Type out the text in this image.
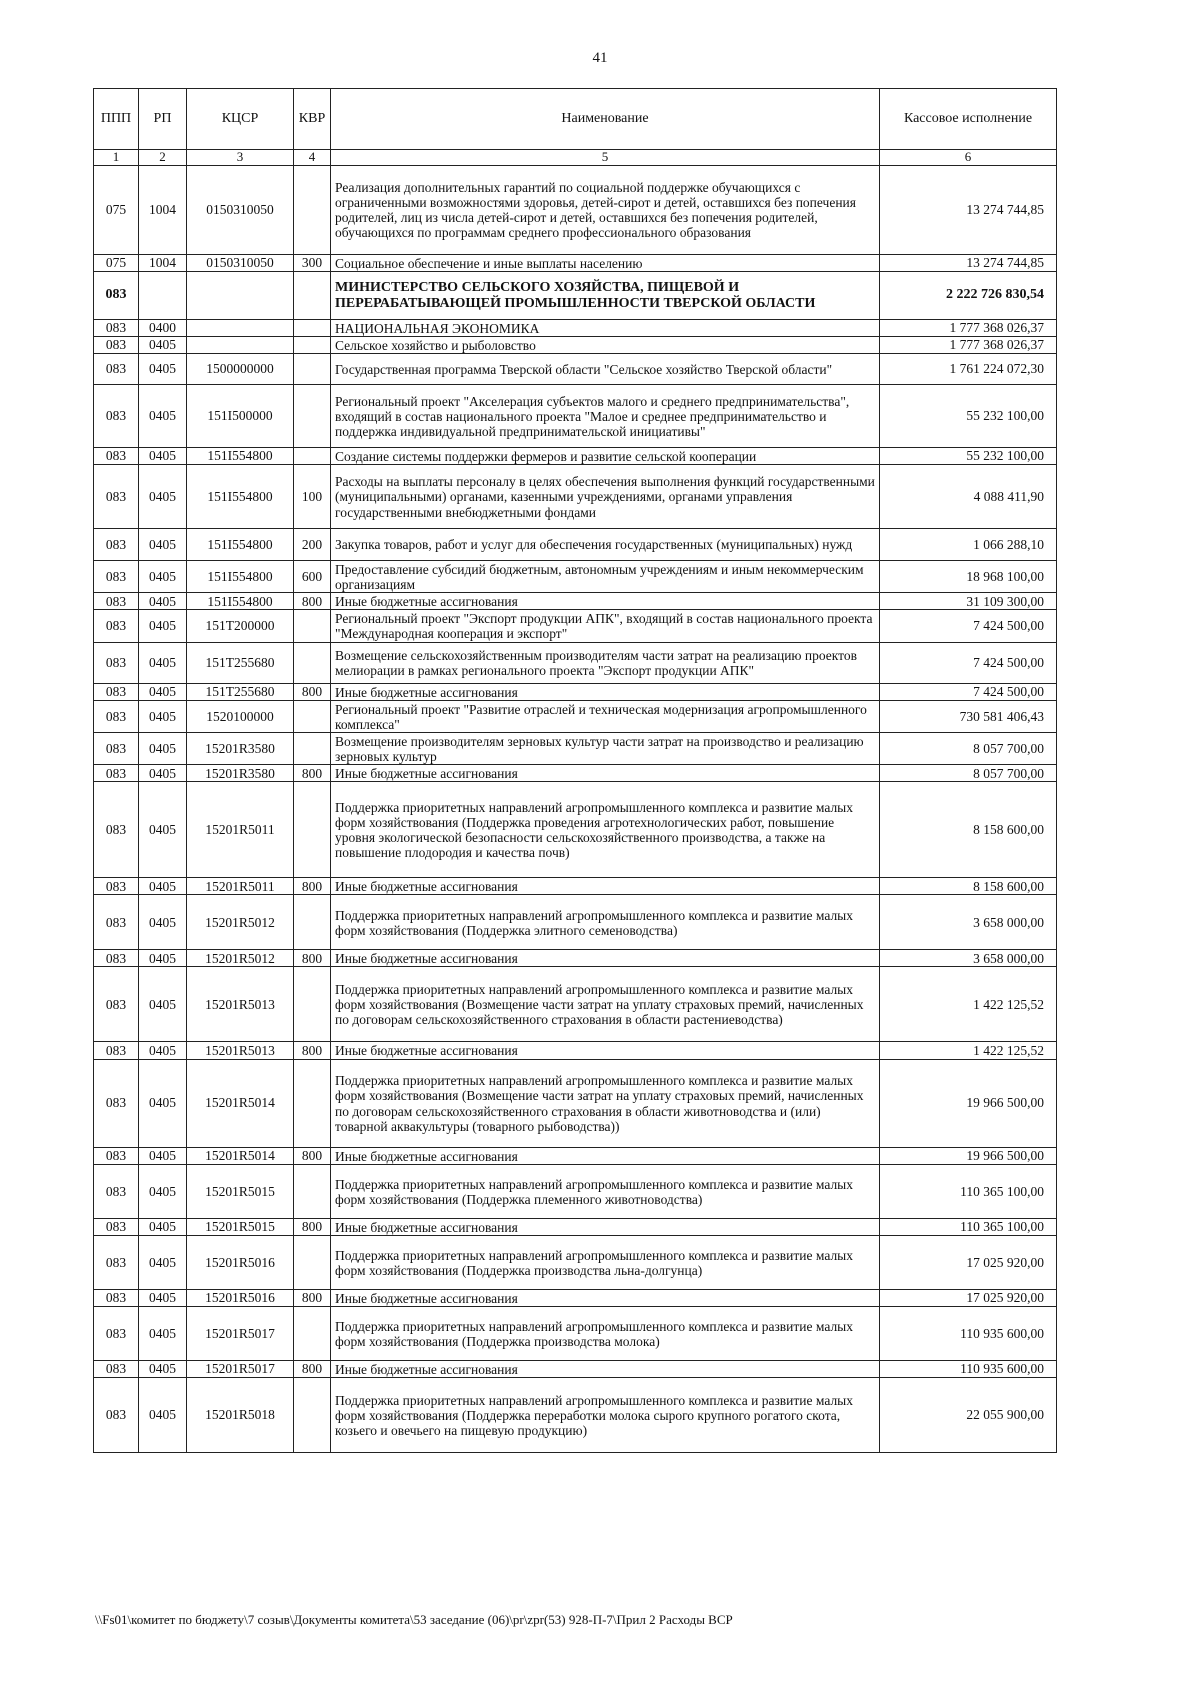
41
ППП	РП	КЦСР	КВР	Наименование	Кассовое исполнение
1	2	3	4	5	6
075	1004	0150310050		Реализация дополнительных гарантий по социальной поддержке обучающихся с ограниченными возможностями здоровья, детей-сирот и детей, оставшихся без попечения родителей, лиц из числа детей-сирот и детей, оставшихся без попечения родителей, обучающихся по программам среднего профессионального образования	13 274 744,85
075	1004	0150310050	300	Социальное обеспечение и иные выплаты населению	13 274 744,85
083				МИНИСТЕРСТВО СЕЛЬСКОГО ХОЗЯЙСТВА, ПИЩЕВОЙ И ПЕРЕРАБАТЫВАЮЩЕЙ ПРОМЫШЛЕННОСТИ ТВЕРСКОЙ ОБЛАСТИ	2 222 726 830,54
083	0400			НАЦИОНАЛЬНАЯ ЭКОНОМИКА	1 777 368 026,37
083	0405			Сельское хозяйство и рыболовство	1 777 368 026,37
083	0405	1500000000		Государственная программа Тверской области "Сельское хозяйство Тверской области"	1 761 224 072,30
083	0405	151I500000		Региональный проект "Акселерация субъектов малого и среднего предпринимательства", входящий в состав национального проекта "Малое и среднее предпринимательство и поддержка индивидуальной предпринимательской инициативы"	55 232 100,00
083	0405	151I554800		Создание системы поддержки фермеров и развитие сельской кооперации	55 232 100,00
083	0405	151I554800	100	Расходы на выплаты персоналу в целях обеспечения выполнения функций государственными (муниципальными) органами, казенными учреждениями, органами управления государственными внебюджетными фондами	4 088 411,90
083	0405	151I554800	200	Закупка товаров, работ и услуг для обеспечения государственных (муниципальных) нужд	1 066 288,10
083	0405	151I554800	600	Предоставление субсидий бюджетным, автономным учреждениям и иным некоммерческим организациям	18 968 100,00
083	0405	151I554800	800	Иные бюджетные ассигнования	31 109 300,00
083	0405	151T200000		Региональный проект "Экспорт продукции АПК", входящий в состав национального проекта "Международная кооперация и экспорт"	7 424 500,00
083	0405	151T255680		Возмещение сельскохозяйственным производителям части затрат на реализацию проектов мелиорации в рамках регионального проекта "Экспорт продукции АПК"	7 424 500,00
083	0405	151T255680	800	Иные бюджетные ассигнования	7 424 500,00
083	0405	1520100000		Региональный проект "Развитие отраслей и техническая модернизация агропромышленного комплекса"	730 581 406,43
083	0405	15201R3580		Возмещение производителям зерновых культур части затрат на производство и реализацию зерновых культур	8 057 700,00
083	0405	15201R3580	800	Иные бюджетные ассигнования	8 057 700,00
083	0405	15201R5011		Поддержка приоритетных направлений агропромышленного комплекса и развитие малых форм хозяйствования (Поддержка проведения агротехнологических работ, повышение уровня экологической безопасности сельскохозяйственного производства, а также на повышение плодородия и качества почв)	8 158 600,00
083	0405	15201R5011	800	Иные бюджетные ассигнования	8 158 600,00
083	0405	15201R5012		Поддержка приоритетных направлений агропромышленного комплекса и развитие малых форм хозяйствования (Поддержка элитного семеноводства)	3 658 000,00
083	0405	15201R5012	800	Иные бюджетные ассигнования	3 658 000,00
083	0405	15201R5013		Поддержка приоритетных направлений агропромышленного комплекса и развитие малых форм хозяйствования (Возмещение части затрат на уплату страховых премий, начисленных по договорам сельскохозяйственного страхования в области растениеводства)	1 422 125,52
083	0405	15201R5013	800	Иные бюджетные ассигнования	1 422 125,52
083	0405	15201R5014		Поддержка приоритетных направлений агропромышленного комплекса и развитие малых форм хозяйствования (Возмещение части затрат на уплату страховых премий, начисленных по договорам сельскохозяйственного страхования в области животноводства и (или) товарной аквакультуры (товарного рыбоводства))	19 966 500,00
083	0405	15201R5014	800	Иные бюджетные ассигнования	19 966 500,00
083	0405	15201R5015		Поддержка приоритетных направлений агропромышленного комплекса и развитие малых форм хозяйствования (Поддержка племенного животноводства)	110 365 100,00
083	0405	15201R5015	800	Иные бюджетные ассигнования	110 365 100,00
083	0405	15201R5016		Поддержка приоритетных направлений агропромышленного комплекса и развитие малых форм хозяйствования (Поддержка производства льна-долгунца)	17 025 920,00
083	0405	15201R5016	800	Иные бюджетные ассигнования	17 025 920,00
083	0405	15201R5017		Поддержка приоритетных направлений агропромышленного комплекса и развитие малых форм хозяйствования (Поддержка производства молока)	110 935 600,00
083	0405	15201R5017	800	Иные бюджетные ассигнования	110 935 600,00
083	0405	15201R5018		Поддержка приоритетных направлений агропромышленного комплекса и развитие малых форм хозяйствования (Поддержка переработки молока сырого крупного рогатого скота, козьего и овечьего на пищевую продукцию)	22 055 900,00
\\Fs01\комитет по бюджету\7 созыв\Документы комитета\53 заседание (06)\pr\zpr(53) 928-П-7\Прил 2 Расходы ВСР
